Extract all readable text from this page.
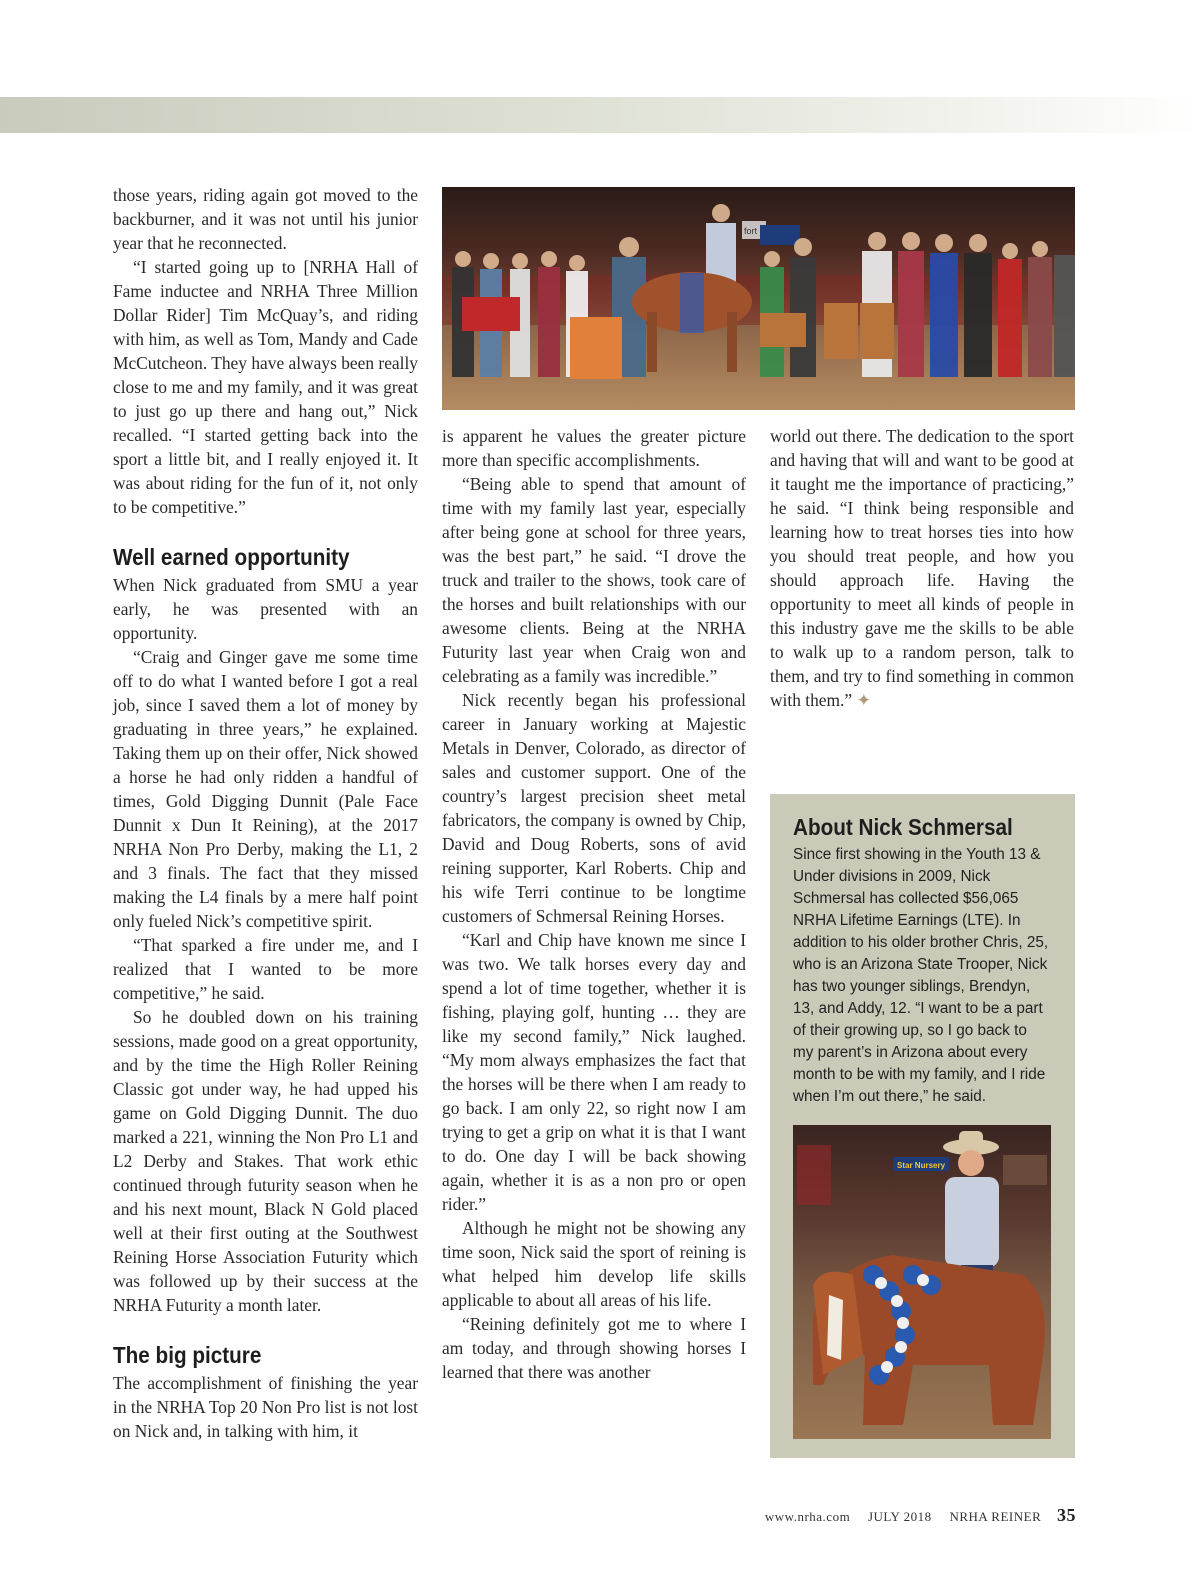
those years, riding again got moved to the backburner, and it was not until his junior year that he reconnected.

“I started going up to [NRHA Hall of Fame inductee and NRHA Three Million Dollar Rider] Tim McQuay’s, and riding with him, as well as Tom, Mandy and Cade McCutcheon. They have always been really close to me and my family, and it was great to just go up there and hang out,” Nick recalled. “I started getting back into the sport a little bit, and I really enjoyed it. It was about riding for the fun of it, not only to be competitive.”

Well earned opportunity

When Nick graduated from SMU a year early, he was presented with an opportunity.

“Craig and Ginger gave me some time off to do what I wanted before I got a real job, since I saved them a lot of money by graduating in three years,” he explained. Taking them up on their offer, Nick showed a horse he had only ridden a handful of times, Gold Digging Dunnit (Pale Face Dunnit x Dun It Reining), at the 2017 NRHA Non Pro Derby, making the L1, 2 and 3 finals. The fact that they missed making the L4 finals by a mere half point only fueled Nick’s competitive spirit.

“That sparked a fire under me, and I realized that I wanted to be more competitive,” he said.

So he doubled down on his training sessions, made good on a great opportunity, and by the time the High Roller Reining Classic got under way, he had upped his game on Gold Digging Dunnit. The duo marked a 221, winning the Non Pro L1 and L2 Derby and Stakes. That work ethic continued through futurity season when he and his next mount, Black N Gold placed well at their first outing at the Southwest Reining Horse Association Futurity which was followed up by their success at the NRHA Futurity a month later.

The big picture

The accomplishment of finishing the year in the NRHA Top 20 Non Pro list is not lost on Nick and, in talking with him, it

fort

is apparent he values the greater picture more than specific accomplishments.

“Being able to spend that amount of time with my family last year, especially after being gone at school for three years, was the best part,” he said. “I drove the truck and trailer to the shows, took care of the horses and built relationships with our awesome clients. Being at the NRHA Futurity last year when Craig won and celebrating as a family was incredible.”

Nick recently began his professional career in January working at Majestic Metals in Denver, Colorado, as director of sales and customer support. One of the country’s largest precision sheet metal fabricators, the company is owned by Chip, David and Doug Roberts, sons of avid reining supporter, Karl Roberts. Chip and his wife Terri continue to be longtime customers of Schmersal Reining Horses.

“Karl and Chip have known me since I was two. We talk horses every day and spend a lot of time together, whether it is fishing, playing golf, hunting … they are like my second family,” Nick laughed. “My mom always emphasizes the fact that the horses will be there when I am ready to go back. I am only 22, so right now I am trying to get a grip on what it is that I want to do. One day I will be back showing again, whether it is as a non pro or open rider.”

Although he might not be showing any time soon, Nick said the sport of reining is what helped him develop life skills applicable to about all areas of his life.

“Reining definitely got me to where I am today, and through showing horses I learned that there was another

world out there. The dedication to the sport and having that will and want to be good at it taught me the importance of practicing,” he said. “I think being responsible and learning how to treat horses ties into how you should treat people, and how you should approach life. Having the opportunity to meet all kinds of people in this industry gave me the skills to be able to walk up to a random person, talk to them, and try to find something in common with them.” ✦

About Nick Schmersal
Since first showing in the Youth 13 & Under divisions in 2009, Nick Schmersal has collected $56,065 NRHA Lifetime Earnings (LTE). In addition to his older brother Chris, 25, who is an Arizona State Trooper, Nick has two younger siblings, Brendyn, 13, and Addy, 12. “I want to be a part of their growing up, so I go back to my parent’s in Arizona about every month to be with my family, and I ride when I’m out there,” he said.
Star Nursery
www.nrha.com JULY 2018 NRHA REINER 35
